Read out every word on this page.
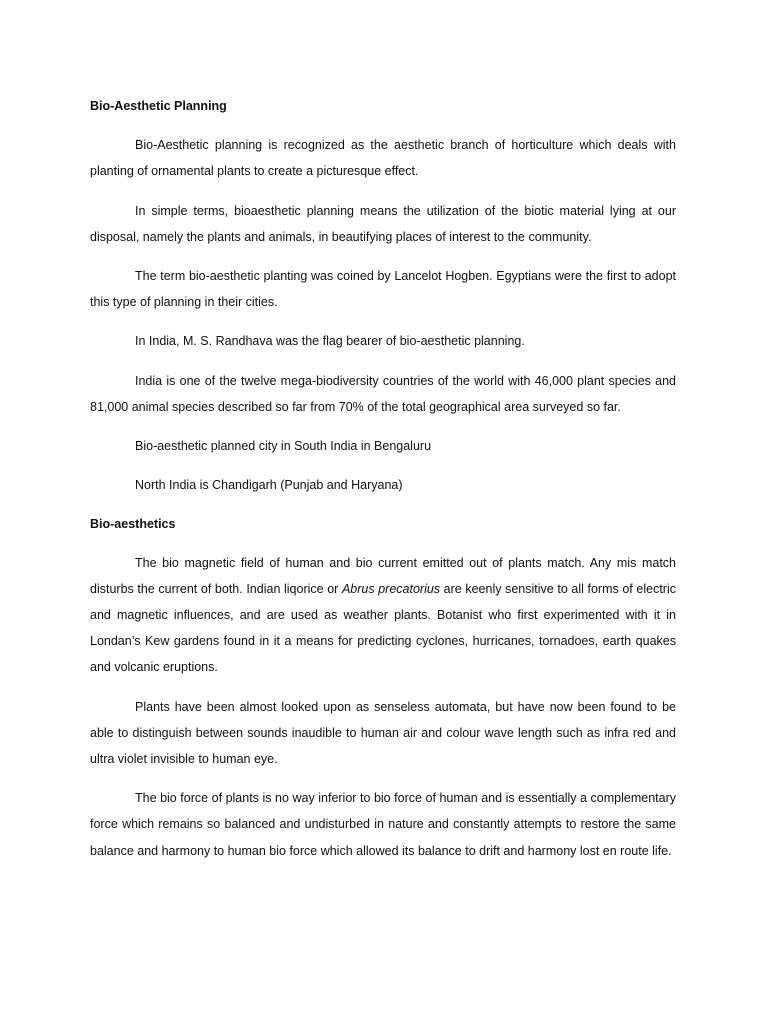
Bio-Aesthetic Planning

Bio-Aesthetic planning is recognized as the aesthetic branch of horticulture which deals with planting of ornamental plants to create a picturesque effect.

In simple terms, bioaesthetic planning means the utilization of the biotic material lying at our disposal, namely the plants and animals, in beautifying places of interest to the community.

The term bio-aesthetic planting was coined by Lancelot Hogben. Egyptians were the first to adopt this type of planning in their cities.

In India, M. S. Randhava was the flag bearer of bio-aesthetic planning.

India is one of the twelve mega-biodiversity countries of the world with 46,000 plant species and 81,000 animal species described so far from 70% of the total geographical area surveyed so far.

Bio-aesthetic planned city in South India in Bengaluru

North India is Chandigarh (Punjab and Haryana)

Bio-aesthetics

The bio magnetic field of human and bio current emitted out of plants match. Any mis match disturbs the current of both. Indian liqorice or Abrus precatorius are keenly sensitive to all forms of electric and magnetic influences, and are used as weather plants. Botanist who first experimented with it in Londan’s Kew gardens found in it a means for predicting cyclones, hurricanes, tornadoes, earth quakes and volcanic eruptions.

Plants have been almost looked upon as senseless automata, but have now been found to be able to distinguish between sounds inaudible to human air and colour wave length such as infra red and ultra violet invisible to human eye.

The bio force of plants is no way inferior to bio force of human and is essentially a complementary force which remains so balanced and undisturbed in nature and constantly attempts to restore the same balance and harmony to human bio force which allowed its balance to drift and harmony lost en route life.
